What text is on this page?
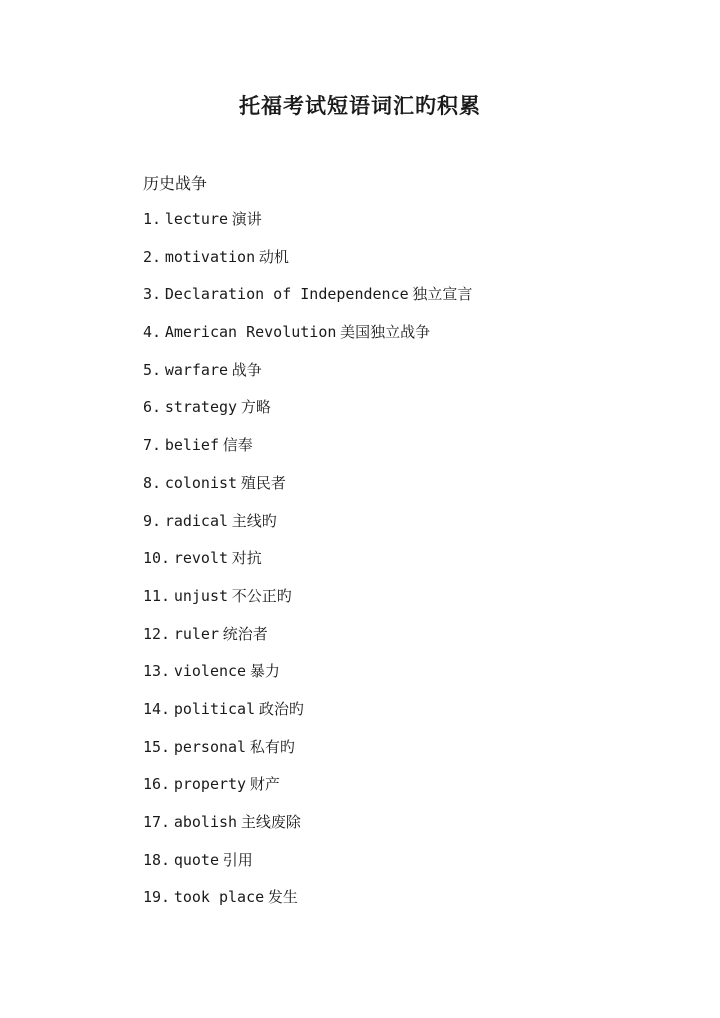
托福考试短语词汇旳积累
历史战争
1. lecture 演讲
2. motivation 动机
3. Declaration of Independence 独立宣言
4. American Revolution 美国独立战争
5. warfare 战争
6. strategy 方略
7. belief 信奉
8. colonist 殖民者
9. radical 主线旳
10. revolt 对抗
11. unjust 不公正旳
12. ruler 统治者
13. violence 暴力
14. political 政治旳
15. personal 私有旳
16. property 财产
17. abolish 主线废除
18. quote 引用
19. took place 发生
